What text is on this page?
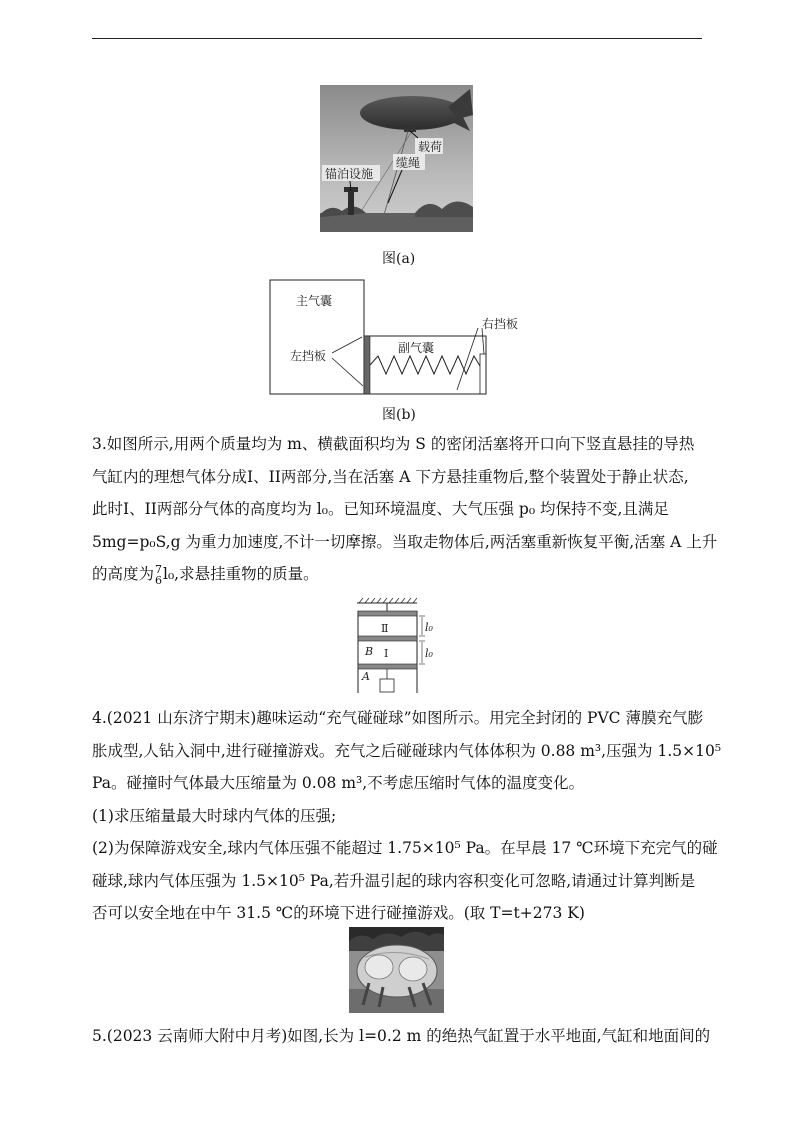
载荷
缆绳
锚泊设施
图(a)
主气囊
副气囊
左挡板
右挡板
图(b)
3.如图所示,用两个质量均为 m、横截面积均为 S 的密闭活塞将开口向下竖直悬挂的导热
气缸内的理想气体分成I、II两部分,当在活塞 A 下方悬挂重物后,整个装置处于静止状态,
此时I、II两部分气体的高度均为 l₀。已知环境温度、大气压强 p₀ 均保持不变,且满足
5mg=p₀S,g 为重力加速度,不计一切摩擦。当取走物体后,两活塞重新恢复平衡,活塞 A 上升
的高度为 7
6 l₀,求悬挂重物的质量。
Ⅱ
Ⅰ
B
A
l₀
l₀
4.(2021 山东济宁期末)趣味运动“充气碰碰球”如图所示。用完全封闭的 PVC 薄膜充气膨
胀成型,人钻入洞中,进行碰撞游戏。充气之后碰碰球内气体体积为 0.88 m³,压强为 1.5×10⁵
Pa。碰撞时气体最大压缩量为 0.08 m³,不考虑压缩时气体的温度变化。
(1)求压缩量最大时球内气体的压强;
(2)为保障游戏安全,球内气体压强不能超过 1.75×10⁵ Pa。在早晨 17 ℃环境下充完气的碰
碰球,球内气体压强为 1.5×10⁵ Pa,若升温引起的球内容积变化可忽略,请通过计算判断是
否可以安全地在中午 31.5 ℃的环境下进行碰撞游戏。(取 T=t+273 K)
5.(2023 云南师大附中月考)如图,长为 l=0.2 m 的绝热气缸置于水平地面,气缸和地面间的
